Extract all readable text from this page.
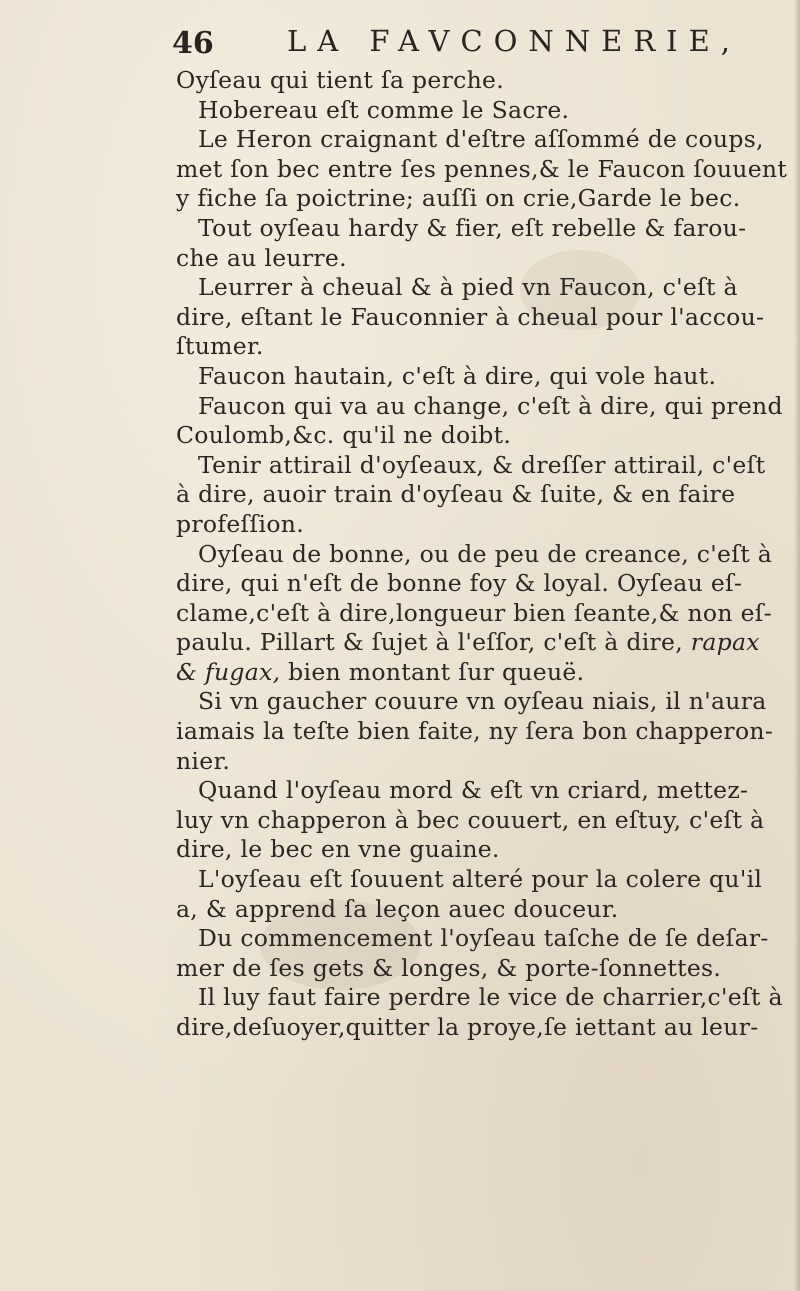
46	LA FAVCONNERIE,
Oyſeau qui tient ſa perche.
Hobereau eſt comme le Sacre.
Le Heron craignant d'eſtre aſſommé de coups,
met ſon bec entre ſes pennes,& le Faucon ſouuent
y fiche ſa poictrine; auſſi on crie,Garde le bec.
Tout oyſeau hardy & fier, eſt rebelle & farou-
che au leurre.
Leurrer à cheual & à pied vn Faucon, c'eſt à
dire, eſtant le Fauconnier à cheual pour l'accou-
ſtumer.
Faucon hautain, c'eſt à dire, qui vole haut.
Faucon qui va au change, c'eſt à dire, qui prend
Coulomb,&c. qu'il ne doibt.
Tenir attirail d'oyſeaux, & dreſſer attirail, c'eſt
à dire, auoir train d'oyſeau & ſuite, & en faire
profeſſion.
Oyſeau de bonne, ou de peu de creance, c'eſt à
dire, qui n'eſt de bonne foy & loyal. Oyſeau eſ-
clame,c'eſt à dire,longueur bien ſeante,& non eſ-
paulu. Pillart & ſujet à l'eſſor, c'eſt à dire, rapax
& fugax, bien montant ſur queuë.
Si vn gaucher couure vn oyſeau niais, il n'aura
iamais la teſte bien faite, ny ſera bon chapperon-
nier.
Quand l'oyſeau mord & eſt vn criard, mettez-
luy vn chapperon à bec couuert, en eſtuy, c'eſt à
dire, le bec en vne guaine.
L'oyſeau eſt ſouuent alteré pour la colere qu'il
a, & apprend ſa leçon auec douceur.
Du commencement l'oyſeau taſche de ſe deſar-
mer de ſes gets & longes, & porte-ſonnettes.
Il luy faut faire perdre le vice de charrier,c'eſt à
dire,deſuoyer,quitter la proye,ſe iettant au leur-
